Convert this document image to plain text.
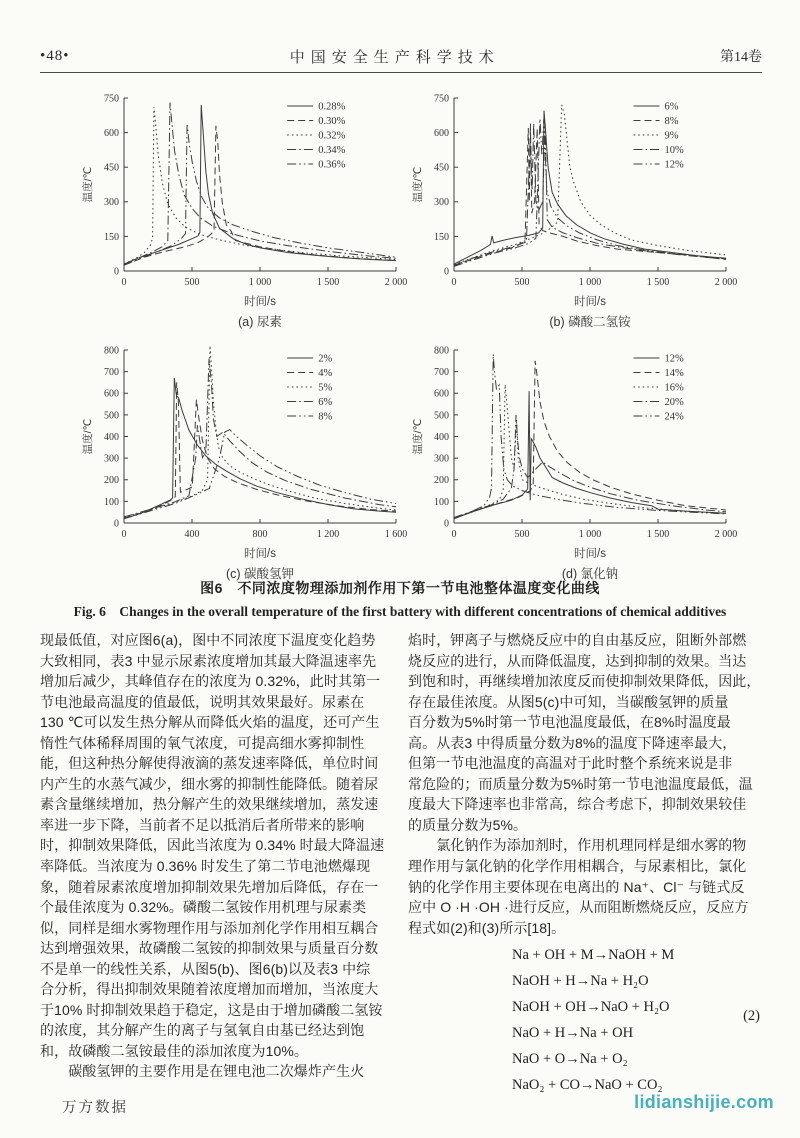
•48•	中国安全生产科学技术	第14卷
0
150
300
450
600
750
0	500	1 000	1 500	2 000
温度/℃
0.28%
0.30%
0.32%
0.34%
0.36%
时间/s
(a) 尿素
0
150
300
450
600
750
0	500	1 000	1 500	2 000
温度/℃
6%
8%
9%
10%
12%
时间/s
(b) 磷酸二氢铵
0
100
200
300
400
500
600
700
800
0	400	800	1 200	1 600
温度/℃
2%
4%
5%
6%
8%
时间/s
(c) 碳酸氢钾
0
100
200
300
400
500
600
700
800
0	500	1 000	1 500	2 000
温度/℃
12%
14%
16%
20%
24%
时间/s
(d) 氯化钠
图6　不同浓度物理添加剂作用下第一节电池整体温度变化曲线
Fig. 6　Changes in the overall temperature of the first battery with different concentrations of chemical additives
现最低值，对应图6(a)，图中不同浓度下温度变化趋势
大致相同，表3 中显示尿素浓度增加其最大降温速率先
增加后减少，其峰值存在的浓度为 0.32%，此时其第一
节电池最高温度的值最低，说明其效果最好。尿素在
130 ℃可以发生热分解从而降低火焰的温度，还可产生
惰性气体稀释周围的氧气浓度，可提高细水雾抑制性
能，但这种热分解使得液滴的蒸发速率降低，单位时间
内产生的水蒸气减少，细水雾的抑制性能降低。随着尿
素含量继续增加，热分解产生的效果继续增加，蒸发速
率进一步下降，当前者不足以抵消后者所带来的影响
时，抑制效果降低，因此当浓度为 0.34% 时最大降温速
率降低。当浓度为 0.36% 时发生了第二节电池燃爆现
象，随着尿素浓度增加抑制效果先增加后降低，存在一
个最佳浓度为 0.32%。磷酸二氢铵作用机理与尿素类
似，同样是细水雾物理作用与添加剂化学作用相互耦合
达到增强效果，故磷酸二氢铵的抑制效果与质量百分数
不是单一的线性关系，从图5(b)、图6(b)以及表3 中综
合分析，得出抑制效果随着浓度增加而增加，当浓度大
于10% 时抑制效果趋于稳定，这是由于增加磷酸二氢铵
的浓度，其分解产生的离子与氢氧自由基已经达到饱
和，故磷酸二氢铵最佳的添加浓度为10%。
　　碳酸氢钾的主要作用是在锂电池二次爆炸产生火
焰时，钾离子与燃烧反应中的自由基反应，阻断外部燃
烧反应的进行，从而降低温度，达到抑制的效果。当达
到饱和时，再继续增加浓度反而使抑制效果降低，因此，
存在最佳浓度。从图5(c)中可知，当碳酸氢钾的质量
百分数为5%时第一节电池温度最低，在8%时温度最
高。从表3 中得质量分数为8%的温度下降速率最大，
但第一节电池温度的高温对于此时整个系统来说是非
常危险的；而质量分数为5%时第一节电池温度最低，温
度最大下降速率也非常高，综合考虑下，抑制效果较佳
的质量分数为5%。
　　氯化钠作为添加剂时，作用机理同样是细水雾的物
理作用与氯化钠的化学作用相耦合，与尿素相比，氯化
钠的化学作用主要体现在电离出的 Na⁺、Cl⁻ 与链式反
应中 O ·H ·OH ·进行反应，从而阻断燃烧反应，反应方
程式如(2)和(3)所示[18]。
Na + OH + M→NaOH + M
NaOH + H→Na + H₂O
NaOH + OH→NaO + H₂O
NaO + H→Na + OH
NaO + O→Na + O₂
NaO₂ + CO→NaO + CO₂
(2)
万方数据	lidianshijie.com
